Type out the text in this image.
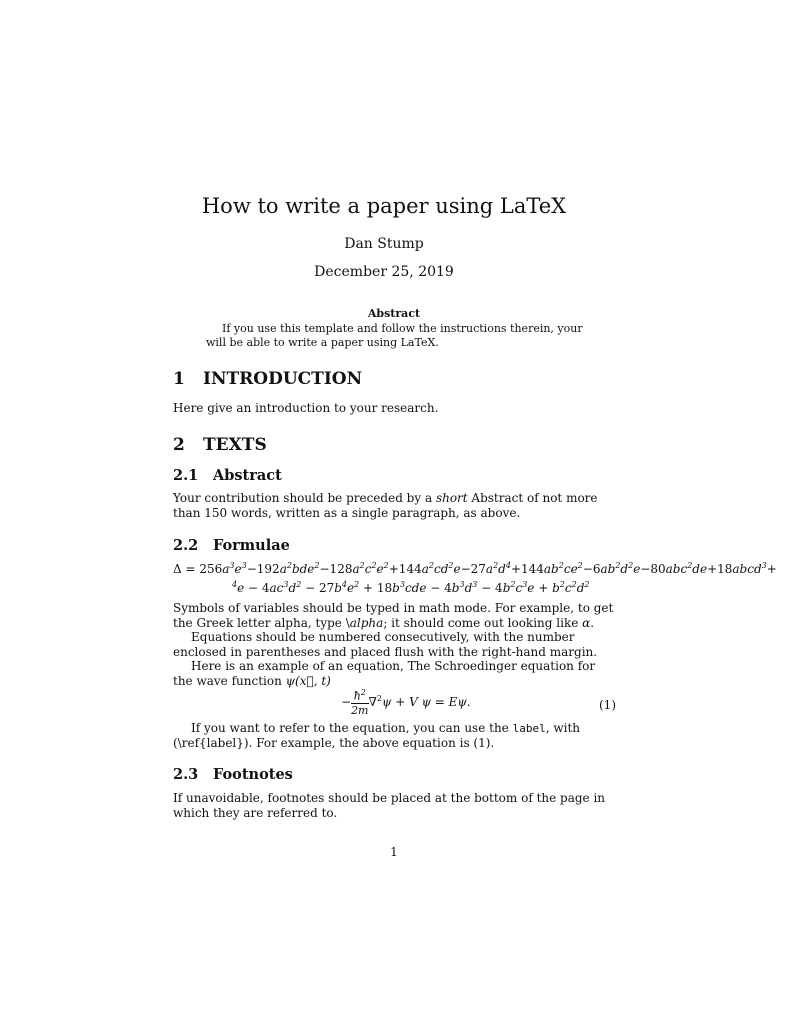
How to write a paper using LaTeX
Dan Stump
December 25, 2019
Abstract
If you use this template and follow the instructions therein, your will be able to write a paper using LaTeX.
1 INTRODUCTION
Here give an introduction to your research.
2 TEXTS
2.1 Abstract
Your contribution should be preceded by a short Abstract of not more than 150 words, written as a single paragraph, as above.
2.2 Formulae
$\Delta = 256a^3e^3-192a^2bde^2-128a^2c^2e^2+144a^2cd^2e-27a^2d^4+144ab^2ce^2-6ab^2d^2e-80abc^2de+18abcd^3+$
$^4e - 4ac^3d^2 - 27b^4e^2 + 18b^3cde - 4b^3d^3 - 4b^2c^3e + b^2c^2d^2$
Symbols of variables should be typed in math mode. For example, to get the Greek letter alpha, type \alpha; it should come out looking like α.
Equations should be numbered consecutively, with the number enclosed in parentheses and placed flush with the right-hand margin.
Here is an example of an equation, The Schroedinger equation for the wave function ψ(x⃗, t)
− $\frac{ħ^2}{2m} \nabla^2\psi + V$ ψ = Eψ.	(1)
If you want to refer to the equation, you can use the label, with (\ref{label}). For example, the above equation is (1).
2.3 Footnotes
If unavoidable, footnotes should be placed at the bottom of the page in which they are referred to.
1
